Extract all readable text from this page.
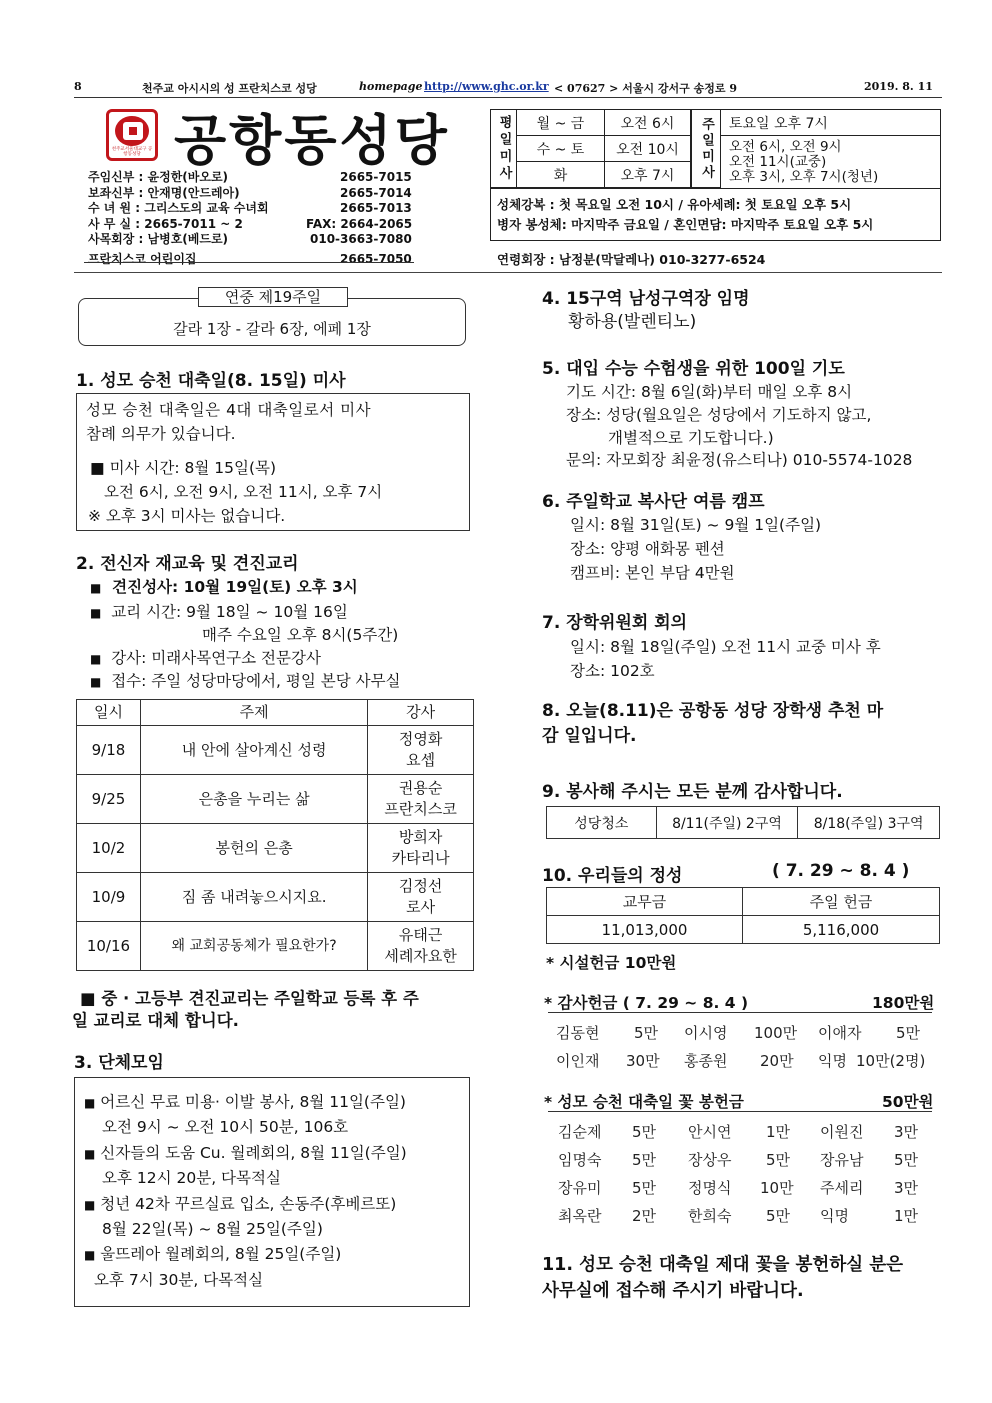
8	천주교 아시시의 성 프란치스코 성당	homepage http://www.ghc.or.kr < 07627 > 서울시 강서구 송정로 9	2019. 8. 11
천주교서울대교구 공항동성당 공항동성당
주임신부 : 윤정한(바오로)	2665-7015
보좌신부 : 안재명(안드레아)	2665-7014
수 녀 원 : 그리스도의 교육 수녀회	2665-7013
사 무 실 : 2665-7011 ~ 2	FAX: 2664-2065
사목회장 : 남병호(베드로)	010-3663-7080
프란치스코 어린이집	2665-7050
평일미사	월 ~ 금	오전 6시
수 ~ 토	오전 10시
화	오후 7시	주일미사	토요일 오후 7시
오전 6시, 오전 9시
오전 11시(교중)
오후 3시, 오후 7시(청년)
성체강복 : 첫 목요일 오전 10시 / 유아세례: 첫 토요일 오후 5시
병자 봉성체: 마지막주 금요일 / 혼인면담: 마지막주 토요일 오후 5시
연령회장 : 남정분(막달레나) 010-3277-6524
연중 제19주일
갈라 1장 - 갈라 6장, 에페 1장
1. 성모 승천 대축일(8. 15일) 미사
성모 승천 대축일은 4대 대축일로서 미사
참례 의무가 있습니다.
■ 미사 시간: 8월 15일(목)
오전 6시, 오전 9시, 오전 11시, 오후 7시
※ 오후 3시 미사는 없습니다.
2. 전신자 재교육 및 견진교리
■ 견진성사: 10월 19일(토) 오후 3시
■ 교리 시간: 9월 18일 ~ 10월 16일
매주 수요일 오후 8시(5주간)
■ 강사: 미래사목연구소 전문강사
■ 접수: 주일 성당마당에서, 평일 본당 사무실
일시	주제	강사
9/18	내 안에 살아계신 성령	정영화
요셉

9/25	은총을 누리는 삶	권용순
프란치스코

10/2	봉헌의 은총	방희자
카타리나

10/9	짐 좀 내려놓으시지요.	김정선
로사

10/16	왜 교회공동체가 필요한가?	유태근
세례자요한
■ 중 · 고등부 견진교리는 주일학교 등록 후 주
일 교리로 대체 합니다.
3. 단체모임
■ 어르신 무료 미용· 이발 봉사, 8월 11일(주일)
오전 9시 ~ 오전 10시 50분, 106호
■ 신자들의 도움 Cu. 월례회의, 8월 11일(주일)
오후 12시 20분, 다목적실
■ 청년 42차 꾸르실료 입소, 손동주(후베르또)
8월 22일(목) ~ 8월 25일(주일)
■ 울뜨레아 월례회의, 8월 25일(주일)
오후 7시 30분, 다목적실
4. 15구역 남성구역장 임명
황하용(발렌티노)
5. 대입 수능 수험생을 위한 100일 기도
기도 시간: 8월 6일(화)부터 매일 오후 8시
장소: 성당(월요일은 성당에서 기도하지 않고,
개별적으로 기도합니다.)
문의: 자모회장 최윤정(유스티나) 010-5574-1028
6. 주일학교 복사단 여름 캠프
일시: 8월 31일(토) ~ 9월 1일(주일)
장소: 양평 애화몽 펜션
캠프비: 본인 부담 4만원
7. 장학위원회 회의
일시: 8월 18일(주일) 오전 11시 교중 미사 후
장소: 102호
8. 오늘(8.11)은 공항동 성당 장학생 추천 마
감 일입니다.
9. 봉사해 주시는 모든 분께 감사합니다.
성당청소	8/11(주일) 2구역	8/18(주일) 3구역
10. 우리들의 정성	( 7. 29 ~ 8. 4 )
교무금	주일 헌금
11,013,000	5,116,000
* 시설헌금 10만원
* 감사헌금 ( 7. 29 ~ 8. 4 )	180만원
김동현 5만 이시영 100만 이애자 5만
이인재 30만 홍종원 20만 익명 10만(2명)
* 성모 승천 대축일 꽃 봉헌금	50만원
김순제 5만 안시연 1만 이원진 3만
임명숙 5만 장상우 5만 장유남 5만
장유미 5만 정명식 10만 주세리 3만
최옥란 2만 한희숙 5만 익명	1만
11. 성모 승천 대축일 제대 꽃을 봉헌하실 분은
사무실에 접수해 주시기 바랍니다.
